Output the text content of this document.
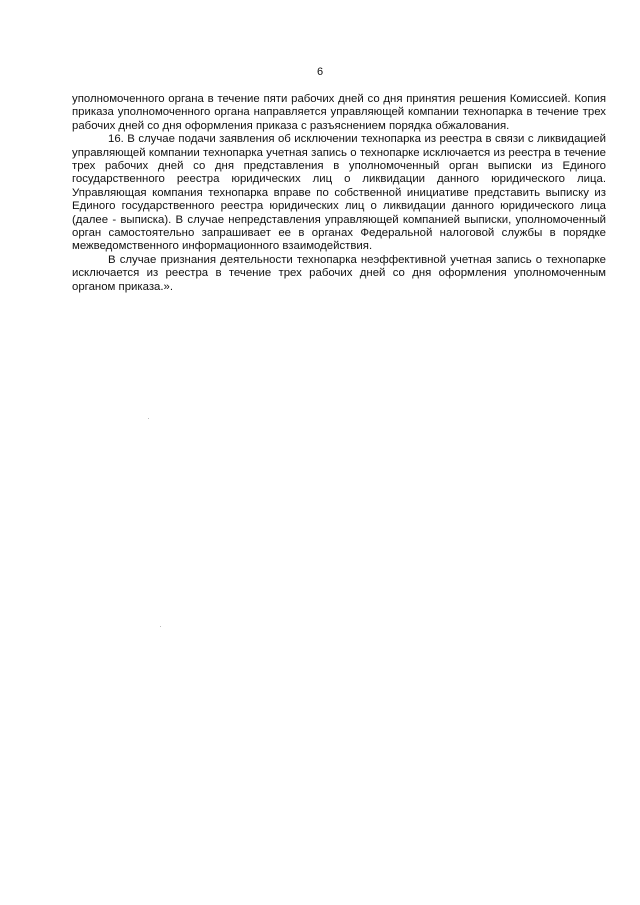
6

уполномоченного органа в течение пяти рабочих дней со дня принятия решения Комиссией. Копия приказа уполномоченного органа направляется управляющей компании технопарка в течение трех рабочих дней со дня оформления приказа с разъяснением порядка обжалования.

16. В случае подачи заявления об исключении технопарка из реестра в связи с ликвидацией управляющей компании технопарка учетная запись о технопарке исключается из реестра в течение трех рабочих дней со дня представления в уполномоченный орган выписки из Единого государственного реестра юридических лиц о ликвидации данного юридического лица. Управляющая компания технопарка вправе по собственной инициативе представить выписку из Единого государственного реестра юридических лиц о ликвидации данного юридического лица (далее - выписка). В случае непредставления управляющей компанией выписки, уполномоченный орган самостоятельно запрашивает ее в органах Федеральной налоговой службы в порядке межведомственного информационного взаимодействия.

В случае признания деятельности технопарка неэффективной учетная запись о технопарке исключается из реестра в течение трех рабочих дней со дня оформления уполномоченным органом приказа.».
